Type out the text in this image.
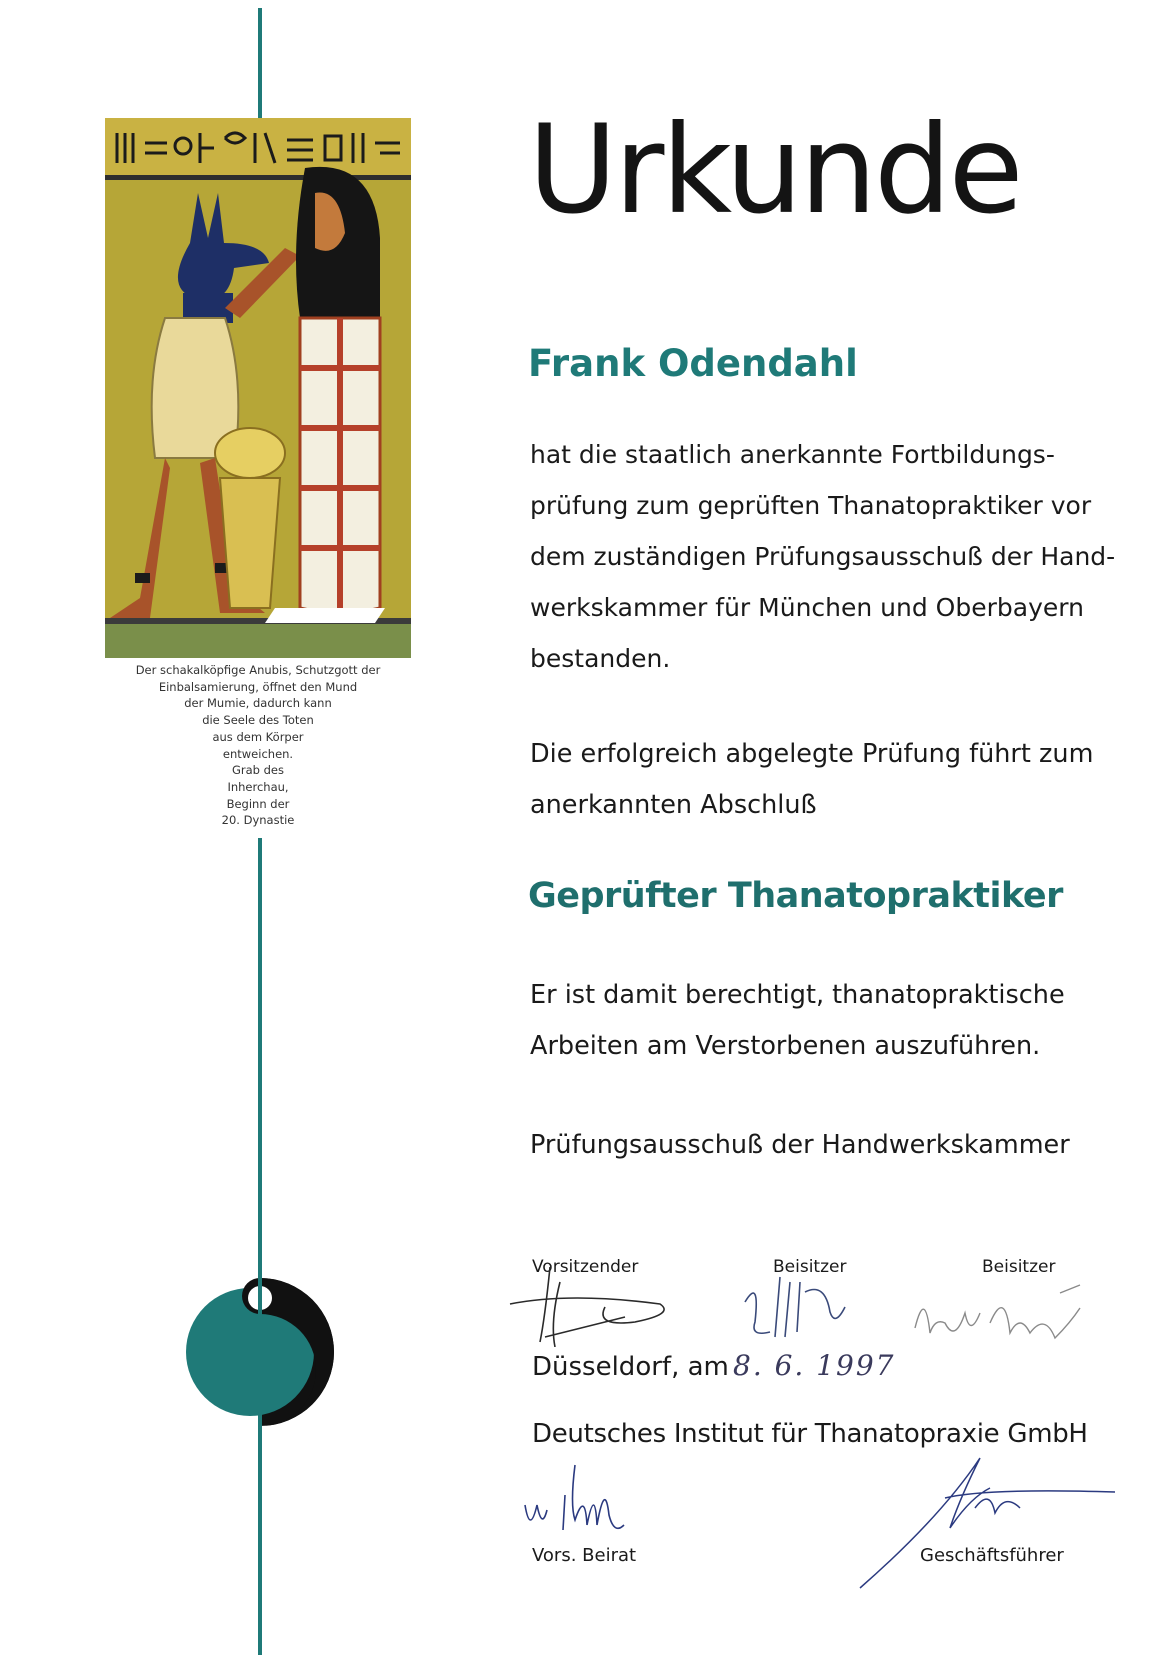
Der schakalköpfige Anubis, Schutzgott der
Einbalsamierung, öffnet den Mund
der Mumie, dadurch kann
die Seele des Toten
aus dem Körper
entweichen.
Grab des
Inherchau,
Beginn der
20. Dynastie
Urkunde
Frank Odendahl
hat die staatlich anerkannte Fortbildungs-
prüfung zum geprüften Thanatopraktiker vor
dem zuständigen Prüfungsausschuß der Hand-
werkskammer für München und Oberbayern
bestanden.
Die erfolgreich abgelegte Prüfung führt zum
anerkannten Abschluß
Geprüfter Thanatopraktiker
Er ist damit berechtigt, thanatopraktische
Arbeiten am Verstorbenen auszuführen.
Prüfungsausschuß der Handwerkskammer
Vorsitzender	Beisitzer	Beisitzer
Düsseldorf, am 8. 6. 1997
Deutsches Institut für Thanatopraxie GmbH
Vors. Beirat	Geschäftsführer
